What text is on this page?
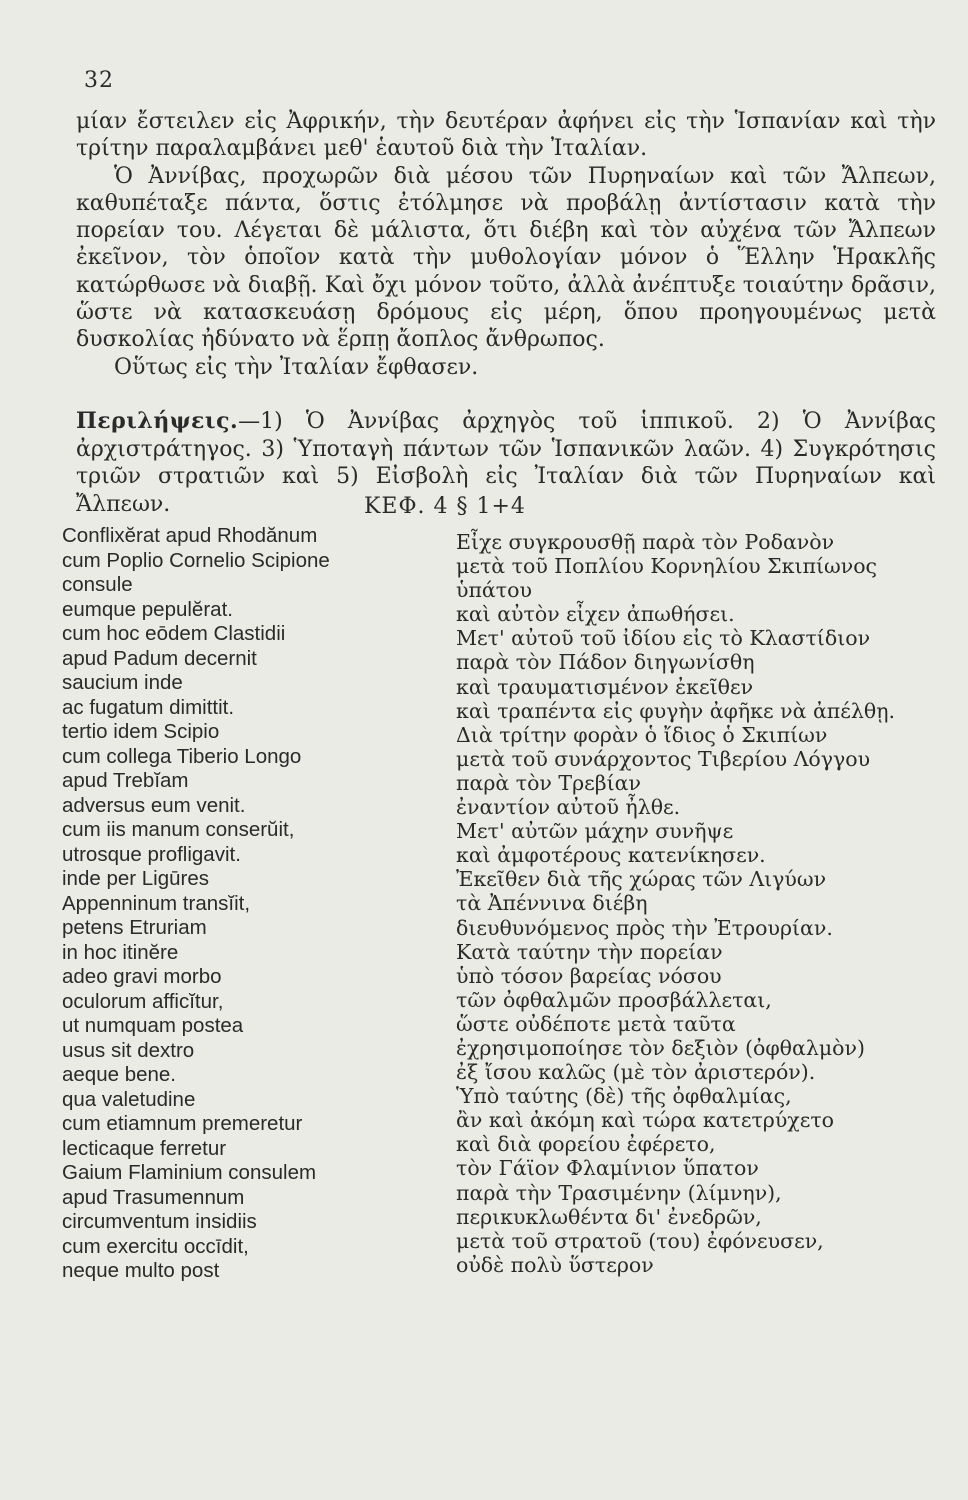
32

μίαν ἔστειλεν εἰς Ἀφρικήν, τὴν δευτέραν ἀφήνει εἰς τὴν Ἱσπανίαν καὶ τὴν τρίτην παραλαμβάνει μεθ' ἑαυτοῦ διὰ τὴν Ἰταλίαν.

Ὁ Ἀννίβας, προχωρῶν διὰ μέσου τῶν Πυρηναίων καὶ τῶν Ἄλπεων, καθυπέταξε πάντα, ὅστις ἐτόλμησε νὰ προβάλῃ ἀντίστασιν κατὰ τὴν πορείαν του. Λέγεται δὲ μάλιστα, ὅτι διέβη καὶ τὸν αὐχένα τῶν Ἄλπεων ἐκεῖνον, τὸν ὁποῖον κατὰ τὴν μυθολογίαν μόνον ὁ Ἕλλην Ἡρακλῆς κατώρθωσε νὰ διαβῇ. Καὶ ὄχι μόνον τοῦτο, ἀλλὰ ἀνέπτυξε τοιαύτην δρᾶσιν, ὥστε νὰ κατασκευάσῃ δρόμους εἰς μέρη, ὅπου προηγουμένως μετὰ δυσκολίας ἠδύνατο νὰ ἕρπῃ ἄοπλος ἄνθρωπος.

Οὕτως εἰς τὴν Ἰταλίαν ἔφθασεν.

Περιλήψεις.—1) Ὁ Ἀννίβας ἀρχηγὸς τοῦ ἱππικοῦ. 2) Ὁ Ἀννίβας ἀρχιστράτηγος. 3) Ὑποταγὴ πάντων τῶν Ἱσπανικῶν λαῶν. 4) Συγκρότησις τριῶν στρατιῶν καὶ 5) Εἰσβολὴ εἰς Ἰταλίαν διὰ τῶν Πυρηναίων καὶ Ἄλπεων.	ΚΕΦ. 4 § 1+4
Conflixĕrat apud Rhodănum
cum Poplio Cornelio Scipione
consule
eumque pepulĕrat.
cum hoc eōdem Clastidii
apud Padum decernit
saucium inde
ac fugatum dimittit.
tertio idem Scipio
cum collega Tiberio Longo
apud Trebĭam
adversus eum venit.
cum iis manum conserŭit,
utrosque profligavit.
inde per Ligūres
Appenninum transĭit,
petens Etruriam
in hoc itinĕre
adeo gravi morbo
oculorum afficĭtur,
ut numquam postea
usus sit dextro
aeque bene.
qua valetudine
cum etiamnum premeretur
lecticaque ferretur
Gaium Flaminium consulem
apud Trasumennum
circumventum insidiis
cum exercitu occīdit,
neque multo post
Εἶχε συγκρουσθῇ παρὰ τὸν Ροδανὸν
μετὰ τοῦ Ποπλίου Κορνηλίου Σκιπίωνος
ὑπάτου
καὶ αὐτὸν εἶχεν ἀπωθήσει.
Μετ' αὐτοῦ τοῦ ἰδίου εἰς τὸ Κλαστίδιον
παρὰ τὸν Πάδον διηγωνίσθη
καὶ τραυματισμένον ἐκεῖθεν
καὶ τραπέντα εἰς φυγὴν ἀφῆκε νὰ ἀπέλθῃ.
Διὰ τρίτην φορὰν ὁ ἴδιος ὁ Σκιπίων
μετὰ τοῦ συνάρχοντος Τιβερίου Λόγγου
παρὰ τὸν Τρεβίαν
ἐναντίον αὐτοῦ ἦλθε.
Μετ' αὐτῶν μάχην συνῆψε
καὶ ἀμφοτέρους κατενίκησεν.
Ἐκεῖθεν διὰ τῆς χώρας τῶν Λιγύων
τὰ Ἀπέννινα διέβη
διευθυνόμενος πρὸς τὴν Ἐτρουρίαν.
Κατὰ ταύτην τὴν πορείαν
ὑπὸ τόσον βαρείας νόσου
τῶν ὀφθαλμῶν προσβάλλεται,
ὥστε οὐδέποτε μετὰ ταῦτα
ἐχρησιμοποίησε τὸν δεξιὸν (ὀφθαλμὸν)
ἐξ ἴσου καλῶς (μὲ τὸν ἀριστερόν).
Ὑπὸ ταύτης (δὲ) τῆς ὀφθαλμίας,
ἂν καὶ ἀκόμη καὶ τώρα κατετρύχετο
καὶ διὰ φορείου ἐφέρετο,
τὸν Γάϊον Φλαμίνιον ὕπατον
παρὰ τὴν Τρασιμένην (λίμνην),
περικυκλωθέντα δι' ἐνεδρῶν,
μετὰ τοῦ στρατοῦ (του) ἐφόνευσεν,
οὐδὲ πολὺ ὕστερον
